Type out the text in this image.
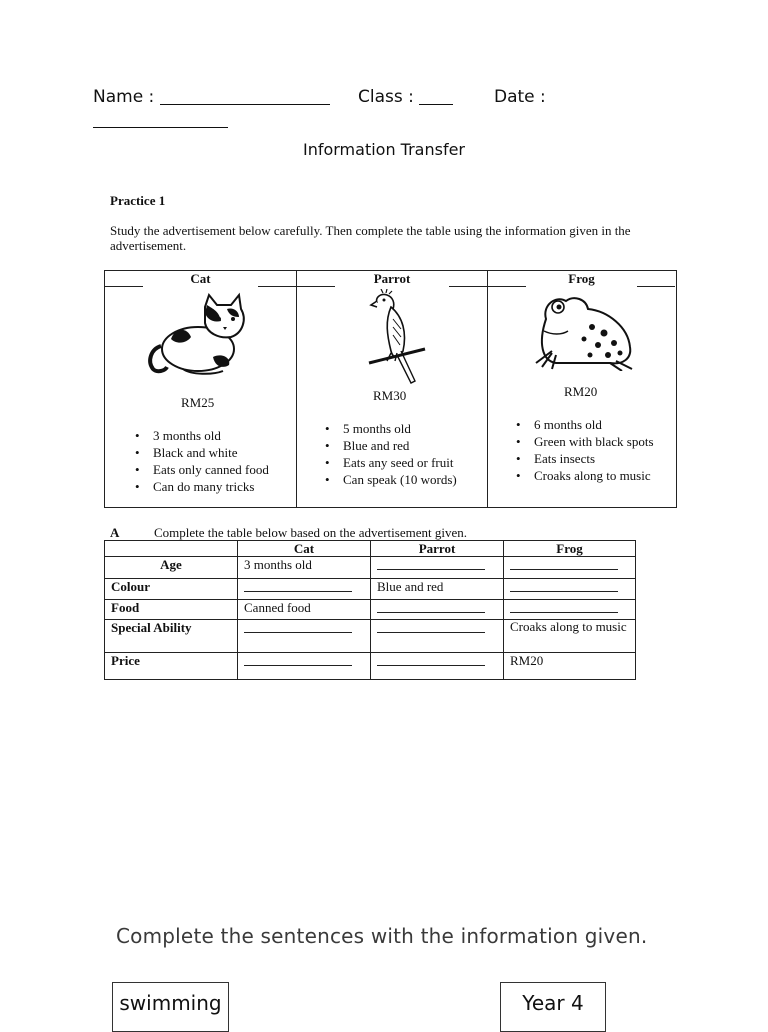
Name :	Class :	Date :
Information Transfer
Practice 1
Study the advertisement below carefully. Then complete the table using the information given in the advertisement.
Cat
RM25
• 3 months old
• Black and white
• Eats only canned food
• Can do many tricks
Parrot
RM30
• 5 months old
• Blue and red
• Eats any seed or fruit
• Can speak (10 words)
Frog
RM20
• 6 months old
• Green with black spots
• Eats insects
• Croaks along to music
A	Complete the table below based on the advertisement given.
	Cat	Parrot	Frog
Age	3 months old		
Colour		Blue and red	
Food	Canned food		
Special Ability			Croaks along to music
Price			RM20
Complete the sentences with the information given.
swimming	Year 4
